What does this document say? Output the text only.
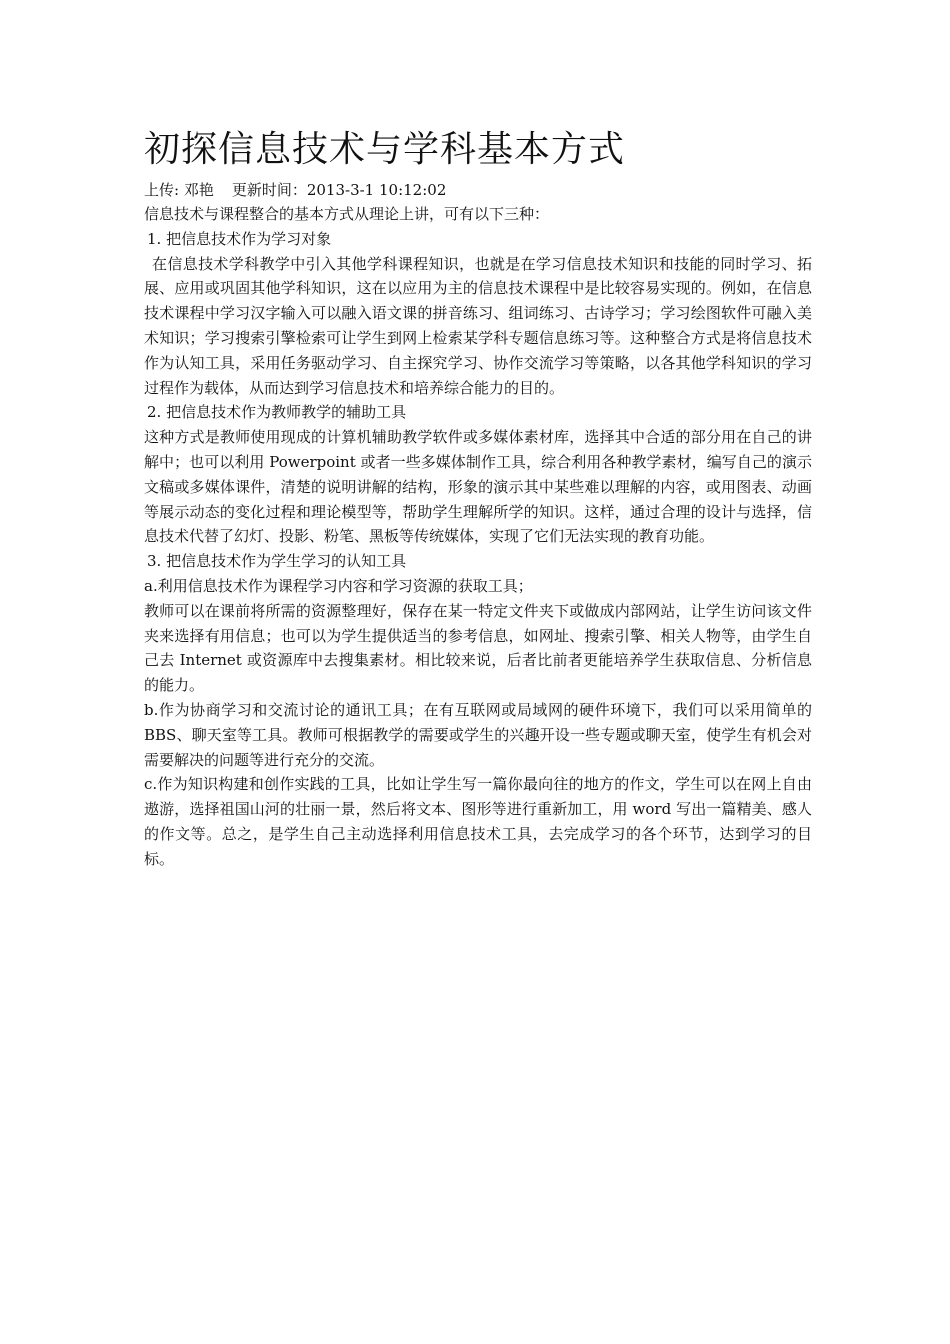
初探信息技术与学科基本方式
上传: 邓艳 更新时间：2013-3-1 10:12:02

信息技术与课程整合的基本方式从理论上讲，可有以下三种：

1. 把信息技术作为学习对象

在信息技术学科教学中引入其他学科课程知识，也就是在学习信息技术知识和技能的同时学习、拓展、应用或巩固其他学科知识，这在以应用为主的信息技术课程中是比较容易实现的。例如，在信息技术课程中学习汉字输入可以融入语文课的拼音练习、组词练习、古诗学习；学习绘图软件可融入美术知识；学习搜索引擎检索可让学生到网上检索某学科专题信息练习等。这种整合方式是将信息技术作为认知工具，采用任务驱动学习、自主探究学习、协作交流学习等策略，以各其他学科知识的学习过程作为载体，从而达到学习信息技术和培养综合能力的目的。

2. 把信息技术作为教师教学的辅助工具

这种方式是教师使用现成的计算机辅助教学软件或多媒体素材库，选择其中合适的部分用在自己的讲解中；也可以利用 Powerpoint 或者一些多媒体制作工具，综合利用各种教学素材，编写自己的演示文稿或多媒体课件，清楚的说明讲解的结构，形象的演示其中某些难以理解的内容，或用图表、动画等展示动态的变化过程和理论模型等，帮助学生理解所学的知识。这样，通过合理的设计与选择，信息技术代替了幻灯、投影、粉笔、黑板等传统媒体，实现了它们无法实现的教育功能。

3. 把信息技术作为学生学习的认知工具

a.利用信息技术作为课程学习内容和学习资源的获取工具；

教师可以在课前将所需的资源整理好，保存在某一特定文件夹下或做成内部网站，让学生访问该文件夹来选择有用信息；也可以为学生提供适当的参考信息，如网址、搜索引擎、相关人物等，由学生自己去 Internet 或资源库中去搜集素材。相比较来说，后者比前者更能培养学生获取信息、分析信息的能力。

b.作为协商学习和交流讨论的通讯工具；在有互联网或局域网的硬件环境下，我们可以采用简单的 BBS、聊天室等工具。教师可根据教学的需要或学生的兴趣开设一些专题或聊天室，使学生有机会对需要解决的问题等进行充分的交流。

c.作为知识构建和创作实践的工具，比如让学生写一篇你最向往的地方的作文，学生可以在网上自由遨游，选择祖国山河的壮丽一景，然后将文本、图形等进行重新加工，用 word 写出一篇精美、感人的作文等。总之，是学生自己主动选择利用信息技术工具，去完成学习的各个环节，达到学习的目标。
